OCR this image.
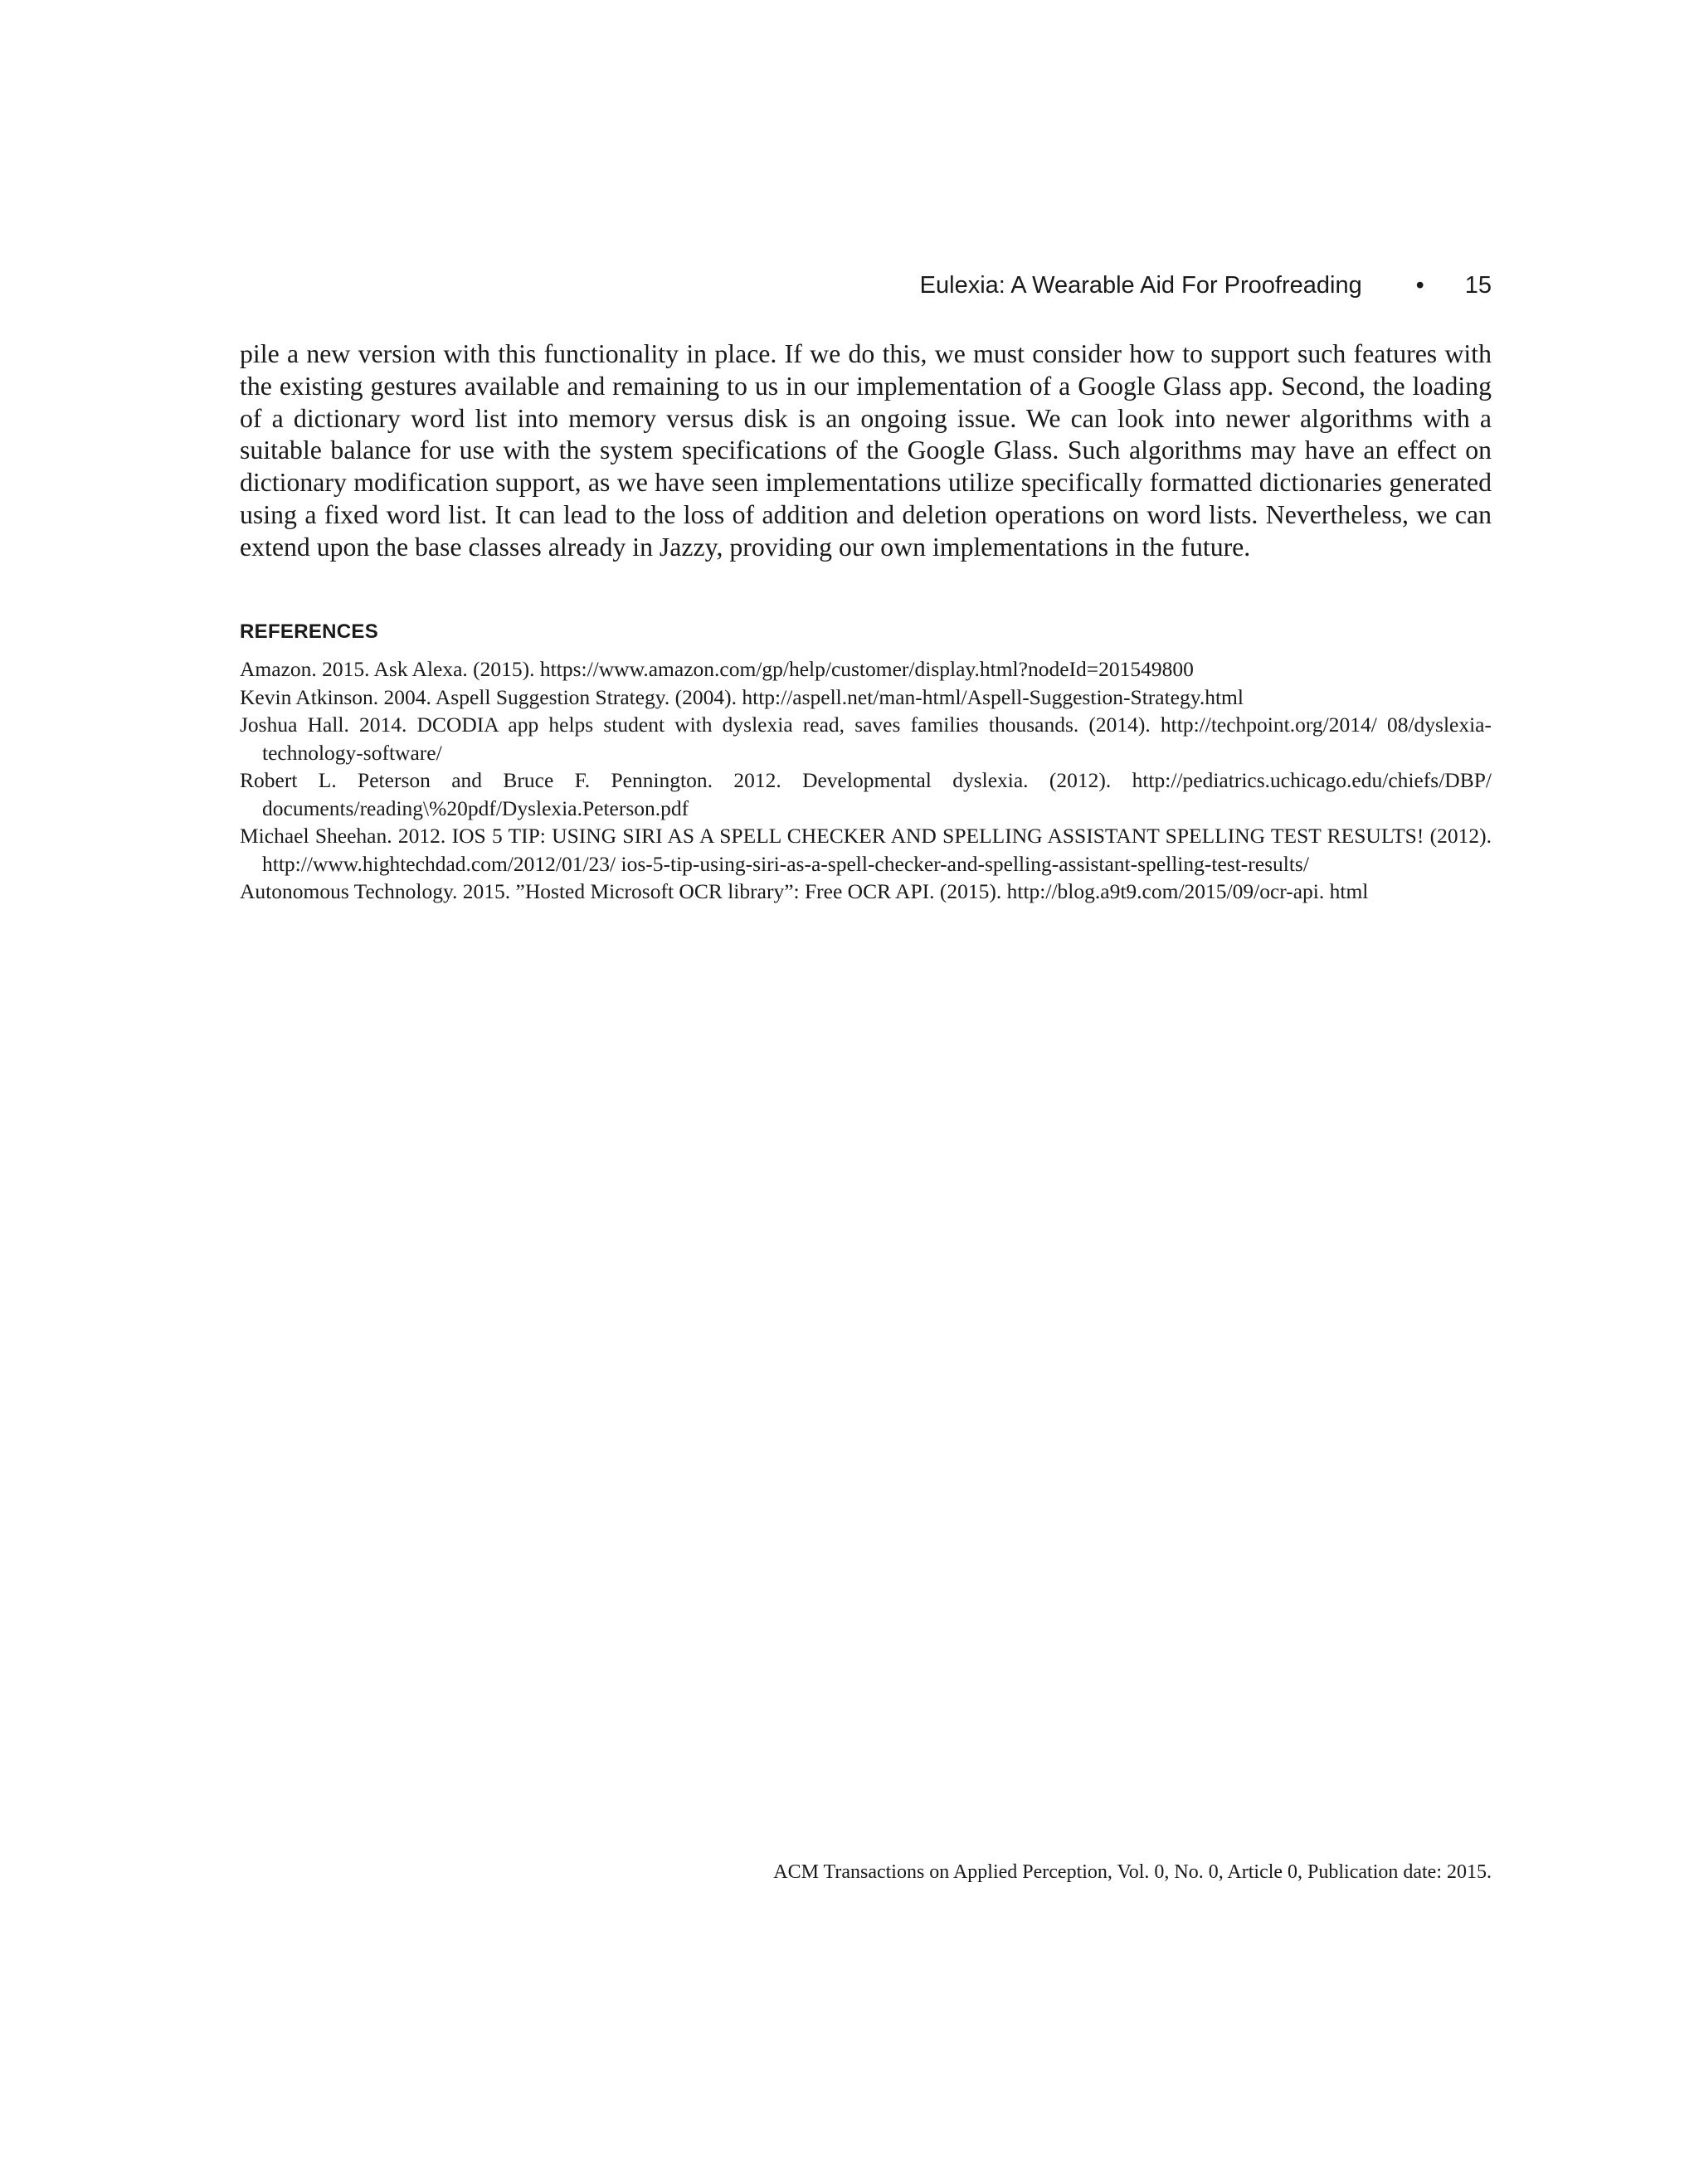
Eulexia: A Wearable Aid For Proofreading	•	15

pile a new version with this functionality in place. If we do this, we must consider how to support such features with the existing gestures available and remaining to us in our implementation of a Google Glass app. Second, the loading of a dictionary word list into memory versus disk is an ongoing issue. We can look into newer algorithms with a suitable balance for use with the system specifications of the Google Glass. Such algorithms may have an effect on dictionary modification support, as we have seen implementations utilize specifically formatted dictionaries generated using a fixed word list. It can lead to the loss of addition and deletion operations on word lists. Nevertheless, we can extend upon the base classes already in Jazzy, providing our own implementations in the future.

REFERENCES
Amazon. 2015. Ask Alexa. (2015). https://www.amazon.com/gp/help/customer/display.html?nodeId=201549800
Kevin Atkinson. 2004. Aspell Suggestion Strategy. (2004). http://aspell.net/man-html/Aspell-Suggestion-Strategy.html
Joshua Hall. 2014. DCODIA app helps student with dyslexia read, saves families thousands. (2014). http://techpoint.org/2014/ 08/dyslexia-technology-software/
Robert L. Peterson and Bruce F. Pennington. 2012. Developmental dyslexia. (2012). http://pediatrics.uchicago.edu/chiefs/DBP/ documents/reading\%20pdf/Dyslexia.Peterson.pdf
Michael Sheehan. 2012. IOS 5 TIP: USING SIRI AS A SPELL CHECKER AND SPELLING ASSISTANT SPELLING TEST RESULTS! (2012). http://www.hightechdad.com/2012/01/23/ ios-5-tip-using-siri-as-a-spell-checker-and-spelling-assistant-spelling-test-results/
Autonomous Technology. 2015. ”Hosted Microsoft OCR library”: Free OCR API. (2015). http://blog.a9t9.com/2015/09/ocr-api. html

ACM Transactions on Applied Perception, Vol. 0, No. 0, Article 0, Publication date: 2015.
